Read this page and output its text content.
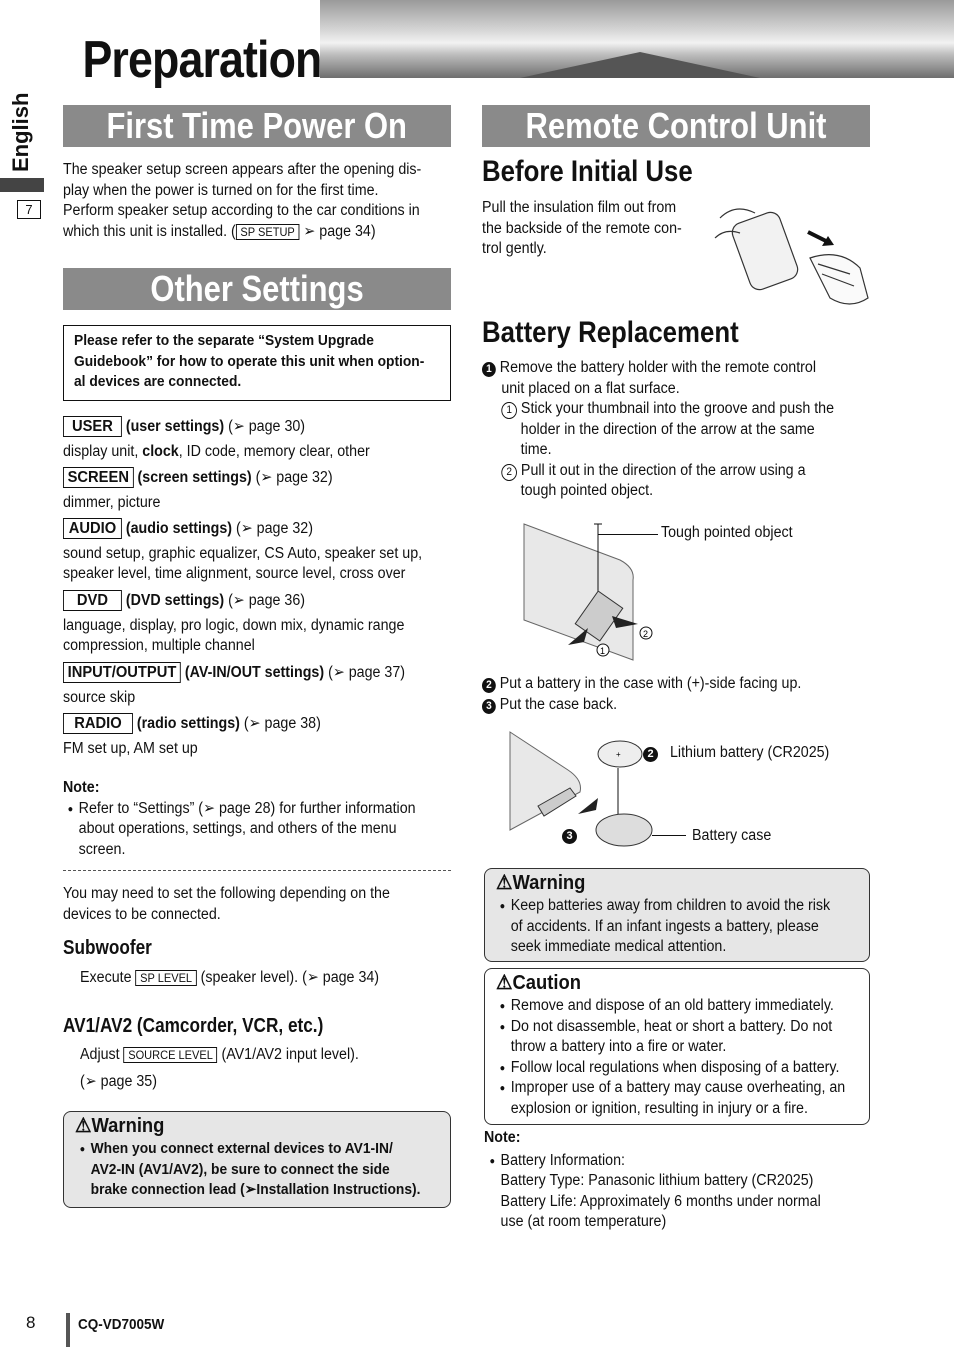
Preparation
English
7
First Time Power On
The speaker setup screen appears after the opening dis-
play when the power is turned on for the first time.
Perform speaker setup according to the car conditions in
which this unit is installed. ( SP SETUP ➢ page 34)
Other Settings
Please refer to the separate “System Upgrade
Guidebook” for how to operate this unit when option-
al devices are connected.
USER (user settings) (➢ page 30)
display unit, clock, ID code, memory clear, other
SCREEN (screen settings) (➢ page 32)
dimmer, picture
AUDIO (audio settings) (➢ page 32)
sound setup, graphic equalizer, CS Auto, speaker set up,
speaker level, time alignment, source level, cross over
DVD (DVD settings) (➢ page 36)
language, display, pro logic, down mix, dynamic range
compression, multiple channel
INPUT/OUTPUT (AV-IN/OUT settings) (➢ page 37)
source skip
RADIO (radio settings) (➢ page 38)
FM set up, AM set up
Note:
Refer to “Settings” (➢ page 28) for further information
about operations, settings, and others of the menu
screen.
You may need to set the following depending on the
devices to be connected.
Subwoofer
Execute SP LEVEL (speaker level). (➢ page 34)
AV1/AV2 (Camcorder, VCR, etc.)
Adjust SOURCE LEVEL (AV1/AV2 input level).
(➢ page 35)
⚠Warning
When you connect external devices to AV1-IN/
AV2-IN (AV1/AV2), be sure to connect the side
brake connection lead (➢Installation Instructions).
Remote Control Unit
Before Initial Use
Pull the insulation film out from
the backside of the remote con-
trol gently.
Battery Replacement
1 Remove the battery holder with the remote control
unit placed on a flat surface.
1 Stick your thumbnail into the groove and push the
holder in the direction of the arrow at the same
time.
2 Pull it out in the direction of the arrow using a
tough pointed object.
1
2
Tough pointed object
2 Put a battery in the case with (+)-side facing up.
3 Put the case back.
+	2 Lithium battery (CR2025)
3	Battery case
⚠Warning
Keep batteries away from children to avoid the risk
of accidents. If an infant ingests a battery, please
seek immediate medical attention.
⚠Caution
Remove and dispose of an old battery immediately.
Do not disassemble, heat or short a battery. Do not
throw a battery into a fire or water.
Follow local regulations when disposing of a battery.
Improper use of a battery may cause overheating, an
explosion or ignition, resulting in injury or a fire.
Note:
Battery Information:
Battery Type: Panasonic lithium battery (CR2025)
Battery Life: Approximately 6 months under normal
use (at room temperature)
8	CQ-VD7005W
